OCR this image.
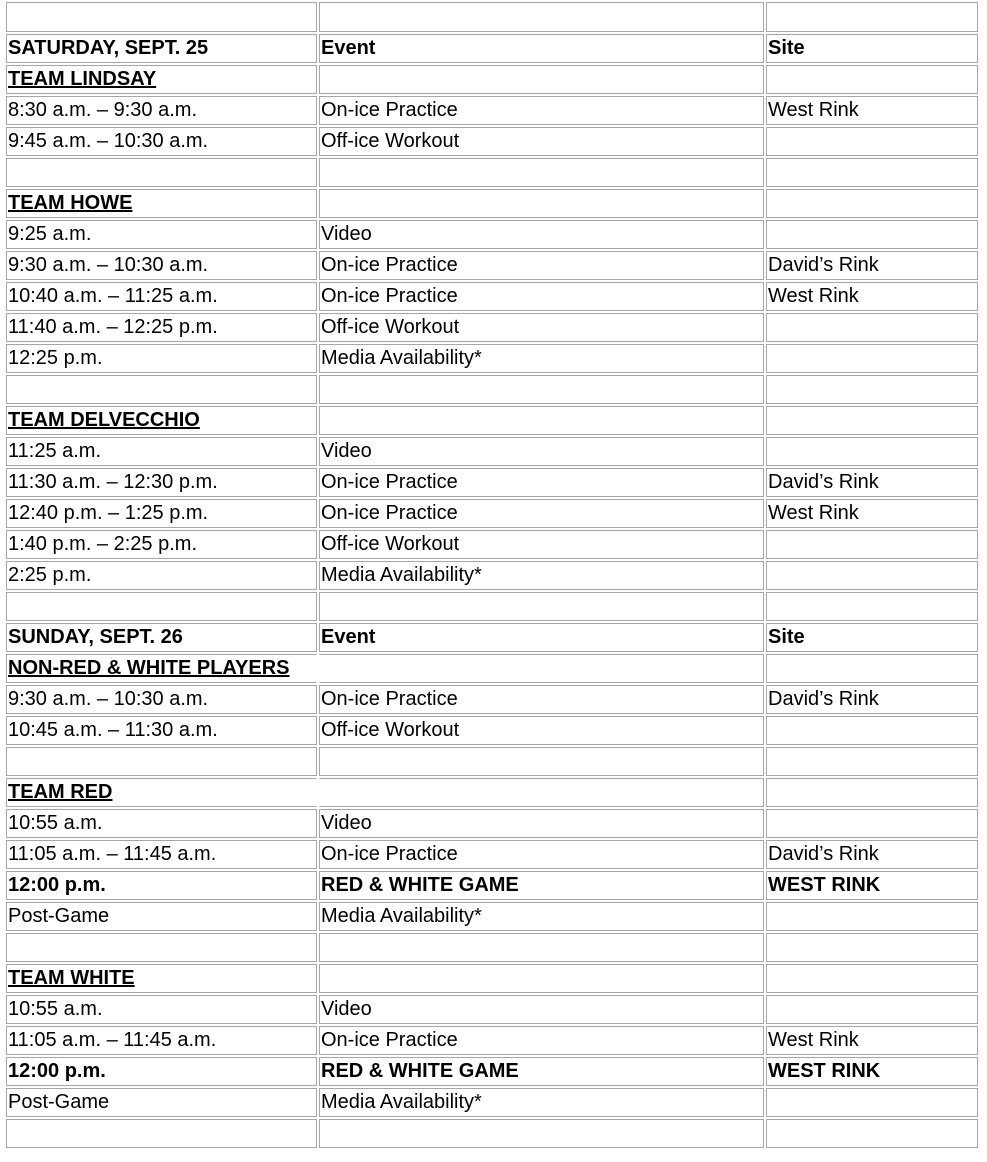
SATURDAY, SEPT. 25	Event	Site
TEAM LINDSAY		
8:30 a.m. – 9:30 a.m.	On-ice Practice	West Rink
9:45 a.m. – 10:30 a.m.	Off-ice Workout	

TEAM HOWE		
9:25 a.m.	Video	
9:30 a.m. – 10:30 a.m.	On-ice Practice	David’s Rink
10:40 a.m. – 11:25 a.m.	On-ice Practice	West Rink
11:40 a.m. – 12:25 p.m.	Off-ice Workout	
12:25 p.m.	Media Availability*	

TEAM DELVECCHIO		
11:25 a.m.	Video	
11:30 a.m. – 12:30 p.m.	On-ice Practice	David’s Rink
12:40 p.m. – 1:25 p.m.	On-ice Practice	West Rink
1:40 p.m. – 2:25 p.m.	Off-ice Workout	
2:25 p.m.	Media Availability*	

SUNDAY, SEPT. 26	Event	Site
NON-RED & WHITE PLAYERS		
9:30 a.m. – 10:30 a.m.	On-ice Practice	David’s Rink
10:45 a.m. – 11:30 a.m.	Off-ice Workout	

TEAM RED		
10:55 a.m.	Video	
11:05 a.m. – 11:45 a.m.	On-ice Practice	David’s Rink
12:00 p.m.	RED & WHITE GAME	WEST RINK
Post-Game	Media Availability*	

TEAM WHITE		
10:55 a.m.	Video	
11:05 a.m. – 11:45 a.m.	On-ice Practice	West Rink
12:00 p.m.	RED & WHITE GAME	WEST RINK
Post-Game	Media Availability*	
